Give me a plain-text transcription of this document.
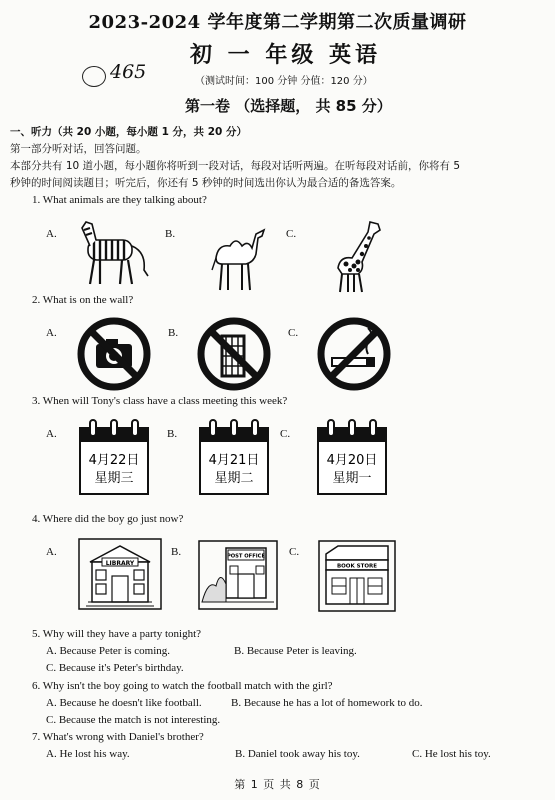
2023-2024 学年度第二学期第二次质量调研
初 一 年级 英语
（测试时间：100 分钟 分值：120 分）
465
第一卷 （选择题， 共 85 分）
一、听力（共 20 小题，每小题 1 分，共 20 分）
第一部分听对话，回答问题。
本部分共有 10 道小题，每小题你将听到一段对话，每段对话听两遍。在听每段对话前，你将有 5
秒钟的时间阅读题目；听完后，你还有 5 秒钟的时间选出你认为最合适的备选答案。
1. What animals are they talking about?
A.	B.	C.
2. What is on the wall?
A.	B.	C.
3. When will Tony's class have a class meeting this week?
A.	B.	C.
4月22日
星期三
4月21日
星期二
4月20日
星期一
4. Where did the boy go just now?
A.	B.	C.
LIBRARY
POST OFFICE
BOOK STORE
5. Why will they have a party tonight?
A. Because Peter is coming.	B. Because Peter is leaving.
C. Because it's Peter's birthday.
6. Why isn't the boy going to watch the football match with the girl?
A. Because he doesn't like football.	B. Because he has a lot of homework to do.
C. Because the match is not interesting.
7. What's wrong with Daniel's brother?
A. He lost his way.	B. Daniel took away his toy.	C. He lost his toy.
第 1 页 共 8 页
